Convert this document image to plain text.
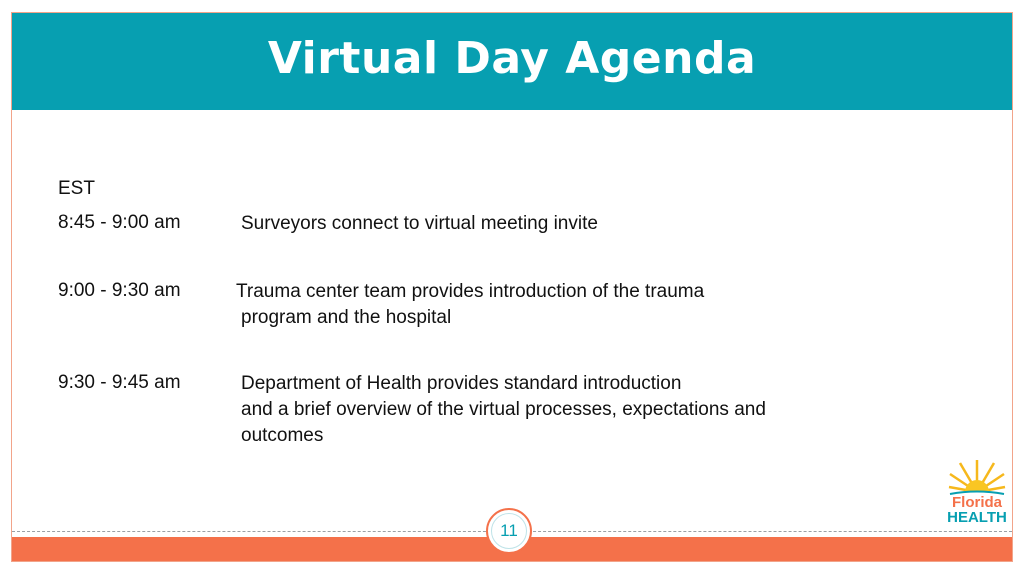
Virtual Day Agenda
EST
8:45 - 9:00 am	Surveyors connect to virtual meeting invite
9:00 - 9:30 am	Trauma center team provides introduction of the trauma
program and the hospital
9:30 - 9:45 am	Department of Health provides standard introduction
and a brief overview of the virtual processes, expectations and
outcomes
Florida
HEALTH
11
